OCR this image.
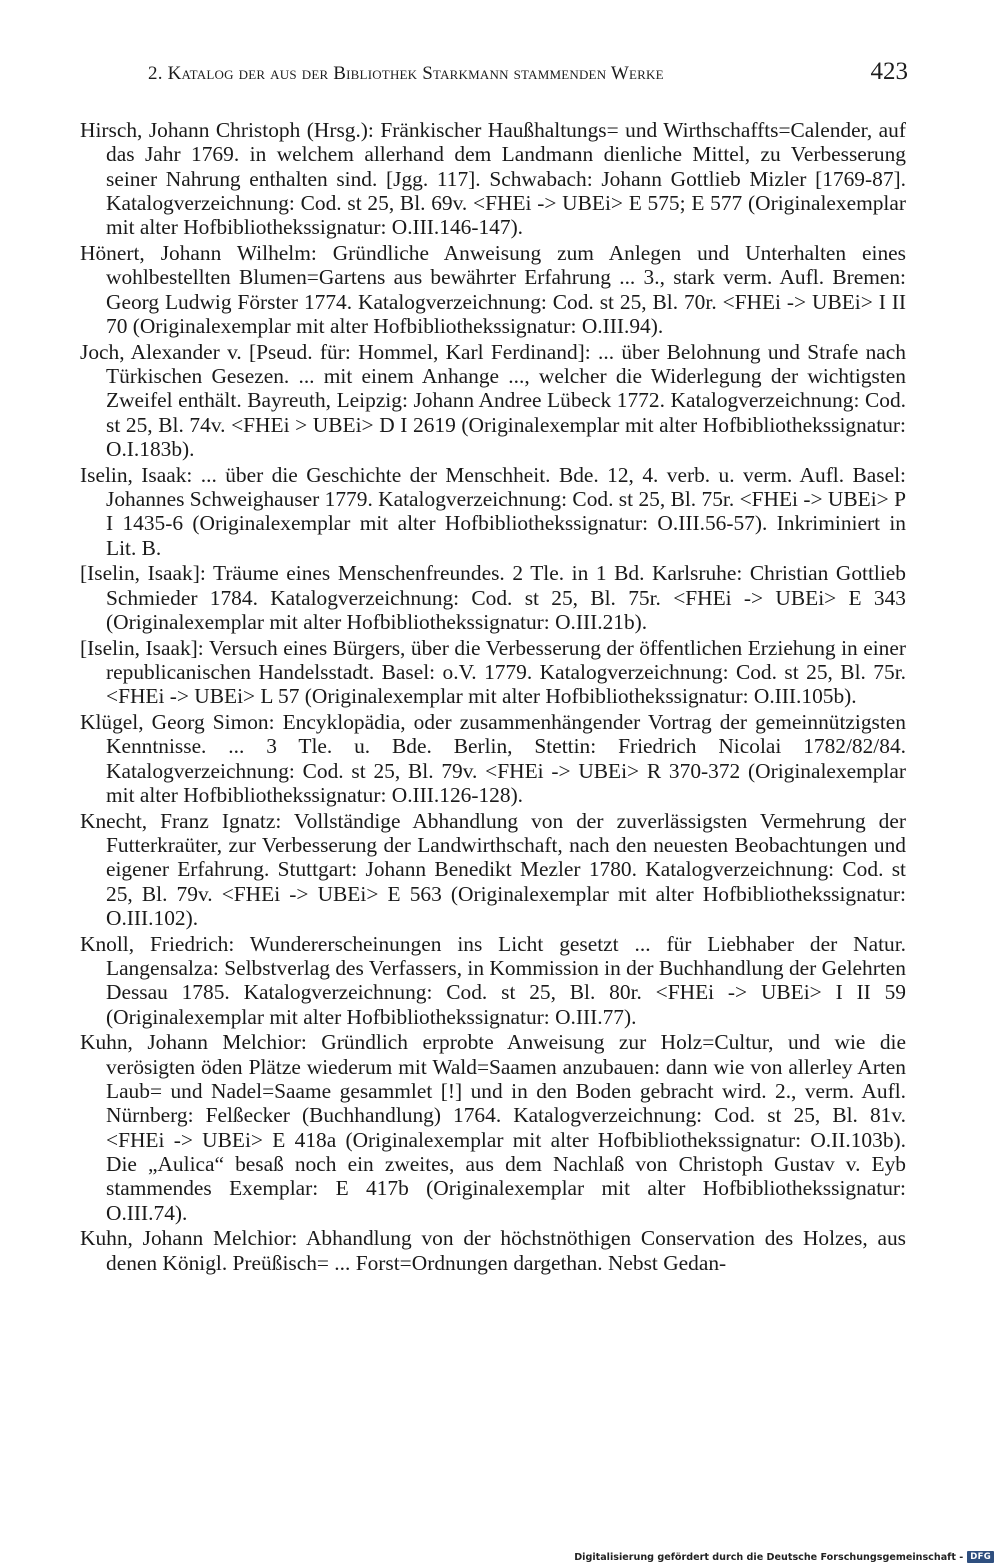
2. Katalog der aus der Bibliothek Starkmann stammenden Werke	423

Hirsch, Johann Christoph (Hrsg.): Fränkischer Haußhaltungs= und Wirthschaffts=Calender, auf das Jahr 1769. in welchem allerhand dem Landmann dienliche Mittel, zu Verbesserung seiner Nahrung enthalten sind. [Jgg. 117]. Schwabach: Johann Gottlieb Mizler [1769-87]. Katalogverzeichnung: Cod. st 25, Bl. 69v. <FHEi -> UBEi> E 575; E 577 (Originalexemplar mit alter Hofbibliothekssignatur: O.III.146-147).

Hönert, Johann Wilhelm: Gründliche Anweisung zum Anlegen und Unterhalten eines wohlbestellten Blumen=Gartens aus bewährter Erfahrung ... 3., stark verm. Aufl. Bremen: Georg Ludwig Förster 1774. Katalogverzeichnung: Cod. st 25, Bl. 70r. <FHEi -> UBEi> I II 70 (Originalexemplar mit alter Hofbibliothekssignatur: O.III.94).

Joch, Alexander v. [Pseud. für: Hommel, Karl Ferdinand]: ... über Belohnung und Strafe nach Türkischen Gesezen. ... mit einem Anhange ..., welcher die Widerlegung der wichtigsten Zweifel enthält. Bayreuth, Leipzig: Johann Andree Lübeck 1772. Katalogverzeichnung: Cod. st 25, Bl. 74v. <FHEi > UBEi> D I 2619 (Originalexemplar mit alter Hofbibliothekssignatur: O.I.183b).

Iselin, Isaak: ... über die Geschichte der Menschheit. Bde. 12, 4. verb. u. verm. Aufl. Basel: Johannes Schweighauser 1779. Katalogverzeichnung: Cod. st 25, Bl. 75r. <FHEi -> UBEi> P I 1435-6 (Originalexemplar mit alter Hofbibliothekssignatur: O.III.56-57). Inkriminiert in Lit. B.

[Iselin, Isaak]: Träume eines Menschenfreundes. 2 Tle. in 1 Bd. Karlsruhe: Christian Gottlieb Schmieder 1784. Katalogverzeichnung: Cod. st 25, Bl. 75r. <FHEi -> UBEi> E 343 (Originalexemplar mit alter Hofbibliothekssignatur: O.III.21b).

[Iselin, Isaak]: Versuch eines Bürgers, über die Verbesserung der öffentlichen Erziehung in einer republicanischen Handelsstadt. Basel: o.V. 1779. Katalogverzeichnung: Cod. st 25, Bl. 75r. <FHEi -> UBEi> L 57 (Originalexemplar mit alter Hofbibliothekssignatur: O.III.105b).

Klügel, Georg Simon: Encyklopädia, oder zusammenhängender Vortrag der gemeinnützigsten Kenntnisse. ... 3 Tle. u. Bde. Berlin, Stettin: Friedrich Nicolai 1782/82/84. Katalogverzeichnung: Cod. st 25, Bl. 79v. <FHEi -> UBEi> R 370-372 (Originalexemplar mit alter Hofbibliothekssignatur: O.III.126-128).

Knecht, Franz Ignatz: Vollständige Abhandlung von der zuverlässigsten Vermehrung der Futterkraüter, zur Verbesserung der Landwirthschaft, nach den neuesten Beobachtungen und eigener Erfahrung. Stuttgart: Johann Benedikt Mezler 1780. Katalogverzeichnung: Cod. st 25, Bl. 79v. <FHEi -> UBEi> E 563 (Originalexemplar mit alter Hofbibliothekssignatur: O.III.102).

Knoll, Friedrich: Wundererscheinungen ins Licht gesetzt ... für Liebhaber der Natur. Langensalza: Selbstverlag des Verfassers, in Kommission in der Buchhandlung der Gelehrten Dessau 1785. Katalogverzeichnung: Cod. st 25, Bl. 80r. <FHEi -> UBEi> I II 59 (Originalexemplar mit alter Hofbibliothekssignatur: O.III.77).

Kuhn, Johann Melchior: Gründlich erprobte Anweisung zur Holz=Cultur, und wie die verösigten öden Plätze wiederum mit Wald=Saamen anzubauen: dann wie von allerley Arten Laub= und Nadel=Saame gesammlet [!] und in den Boden gebracht wird. 2., verm. Aufl. Nürnberg: Felßecker (Buchhandlung) 1764. Katalogverzeichnung: Cod. st 25, Bl. 81v. <FHEi -> UBEi> E 418a (Originalexemplar mit alter Hofbibliothekssignatur: O.II.103b). Die „Aulica“ besaß noch ein zweites, aus dem Nachlaß von Christoph Gustav v. Eyb stammendes Exemplar: E 417b (Originalexemplar mit alter Hofbibliothekssignatur: O.III.74).

Kuhn, Johann Melchior: Abhandlung von der höchstnöthigen Conservation des Holzes, aus denen Königl. Preüßisch= ... Forst=Ordnungen dargethan. Nebst Gedan-

Digitalisierung gefördert durch die Deutsche Forschungsgemeinschaft - DFG
